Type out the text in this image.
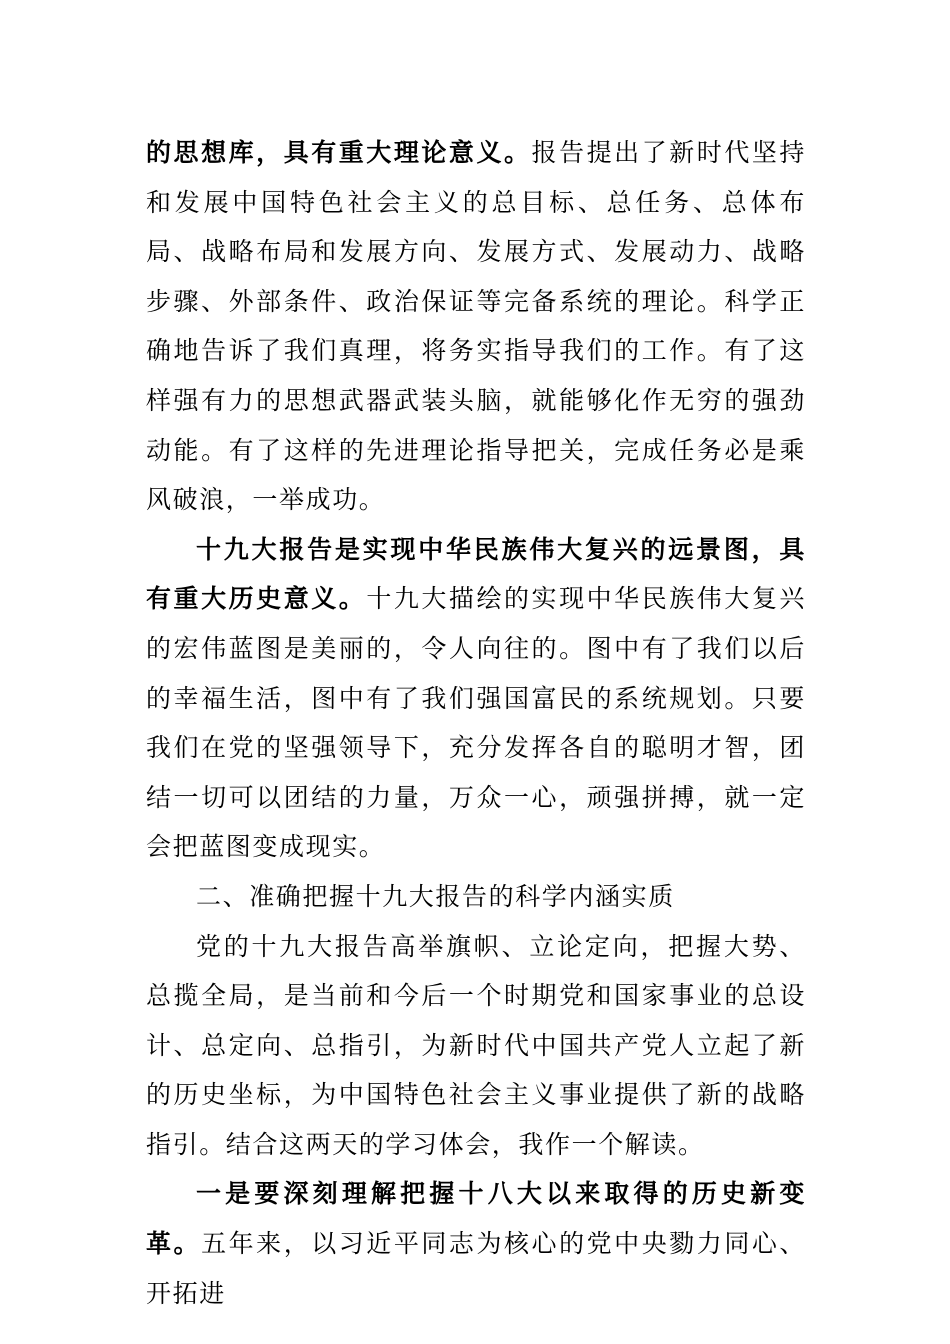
的思想库，具有重大理论意义。报告提出了新时代坚持和发展中国特色社会主义的总目标、总任务、总体布局、战略布局和发展方向、发展方式、发展动力、战略步骤、外部条件、政治保证等完备系统的理论。科学正确地告诉了我们真理，将务实指导我们的工作。有了这样强有力的思想武器武装头脑，就能够化作无穷的强劲动能。有了这样的先进理论指导把关，完成任务必是乘风破浪，一举成功。

十九大报告是实现中华民族伟大复兴的远景图，具有重大历史意义。十九大描绘的实现中华民族伟大复兴的宏伟蓝图是美丽的，令人向往的。图中有了我们以后的幸福生活，图中有了我们强国富民的系统规划。只要我们在党的坚强领导下，充分发挥各自的聪明才智，团结一切可以团结的力量，万众一心，顽强拼搏，就一定会把蓝图变成现实。

二、准确把握十九大报告的科学内涵实质

党的十九大报告高举旗帜、立论定向，把握大势、总揽全局，是当前和今后一个时期党和国家事业的总设计、总定向、总指引，为新时代中国共产党人立起了新的历史坐标，为中国特色社会主义事业提供了新的战略指引。结合这两天的学习体会，我作一个解读。

一是要深刻理解把握十八大以来取得的历史新变革。五年来，以习近平同志为核心的党中央勠力同心、开拓进
